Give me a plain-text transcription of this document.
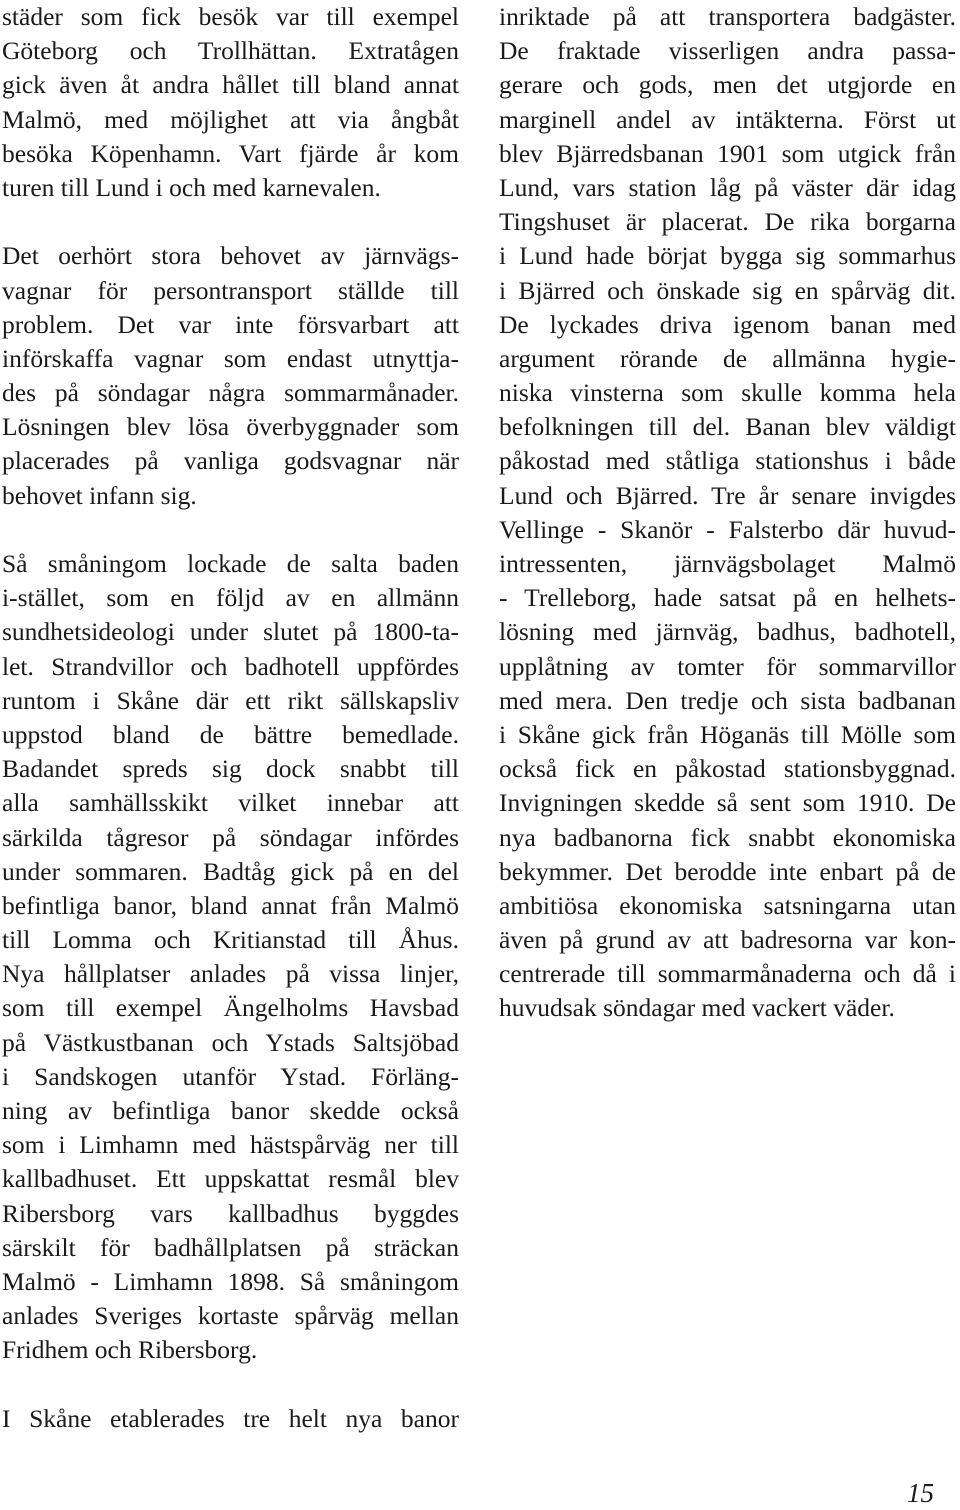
städer som fick besök var till exempel
Göteborg och Trollhättan. Extratågen
gick även åt andra hållet till bland annat
Malmö, med möjlighet att via ångbåt
besöka Köpenhamn. Vart fjärde år kom
turen till Lund i och med karnevalen.
Det oerhört stora behovet av järnvägs-
vagnar för persontransport ställde till
problem. Det var inte försvarbart att
införskaffa vagnar som endast utnyttja-
des på söndagar några sommarmånader.
Lösningen blev lösa överbyggnader som
placerades på vanliga godsvagnar när
behovet infann sig.
Så småningom lockade de salta baden
i-stället, som en följd av en allmänn
sundhetsideologi under slutet på 1800-ta-
let. Strandvillor och badhotell uppfördes
runtom i Skåne där ett rikt sällskapsliv
uppstod bland de bättre bemedlade.
Badandet spreds sig dock snabbt till
alla samhällsskikt vilket innebar att
särkilda tågresor på söndagar infördes
under sommaren. Badtåg gick på en del
befintliga banor, bland annat från Malmö
till Lomma och Kritianstad till Åhus.
Nya hållplatser anlades på vissa linjer,
som till exempel Ängelholms Havsbad
på Västkustbanan och Ystads Saltsjöbad
i Sandskogen utanför Ystad. Förläng-
ning av befintliga banor skedde också
som i Limhamn med hästspårväg ner till
kallbadhuset. Ett uppskattat resmål blev
Ribersborg vars kallbadhus byggdes
särskilt för badhållplatsen på sträckan
Malmö - Limhamn 1898. Så småningom
anlades Sveriges kortaste spårväg mellan
Fridhem och Ribersborg.
I Skåne etablerades tre helt nya banor
inriktade på att transportera badgäster.
De fraktade visserligen andra passa-
gerare och gods, men det utgjorde en
marginell andel av intäkterna. Först ut
blev Bjärredsbanan 1901 som utgick från
Lund, vars station låg på väster där idag
Tingshuset är placerat. De rika borgarna
i Lund hade börjat bygga sig sommarhus
i Bjärred och önskade sig en spårväg dit.
De lyckades driva igenom banan med
argument rörande de allmänna hygie-
niska vinsterna som skulle komma hela
befolkningen till del. Banan blev väldigt
påkostad med ståtliga stationshus i både
Lund och Bjärred. Tre år senare invigdes
Vellinge - Skanör - Falsterbo där huvud-
intressenten, järnvägsbolaget Malmö
- Trelleborg, hade satsat på en helhets-
lösning med järnväg, badhus, badhotell,
upplåtning av tomter för sommarvillor
med mera. Den tredje och sista badbanan
i Skåne gick från Höganäs till Mölle som
också fick en påkostad stationsbyggnad.
Invigningen skedde så sent som 1910. De
nya badbanorna fick snabbt ekonomiska
bekymmer. Det berodde inte enbart på de
ambitiösa ekonomiska satsningarna utan
även på grund av att badresorna var kon-
centrerade till sommarmånaderna och då i
huvudsak söndagar med vackert väder.
15
